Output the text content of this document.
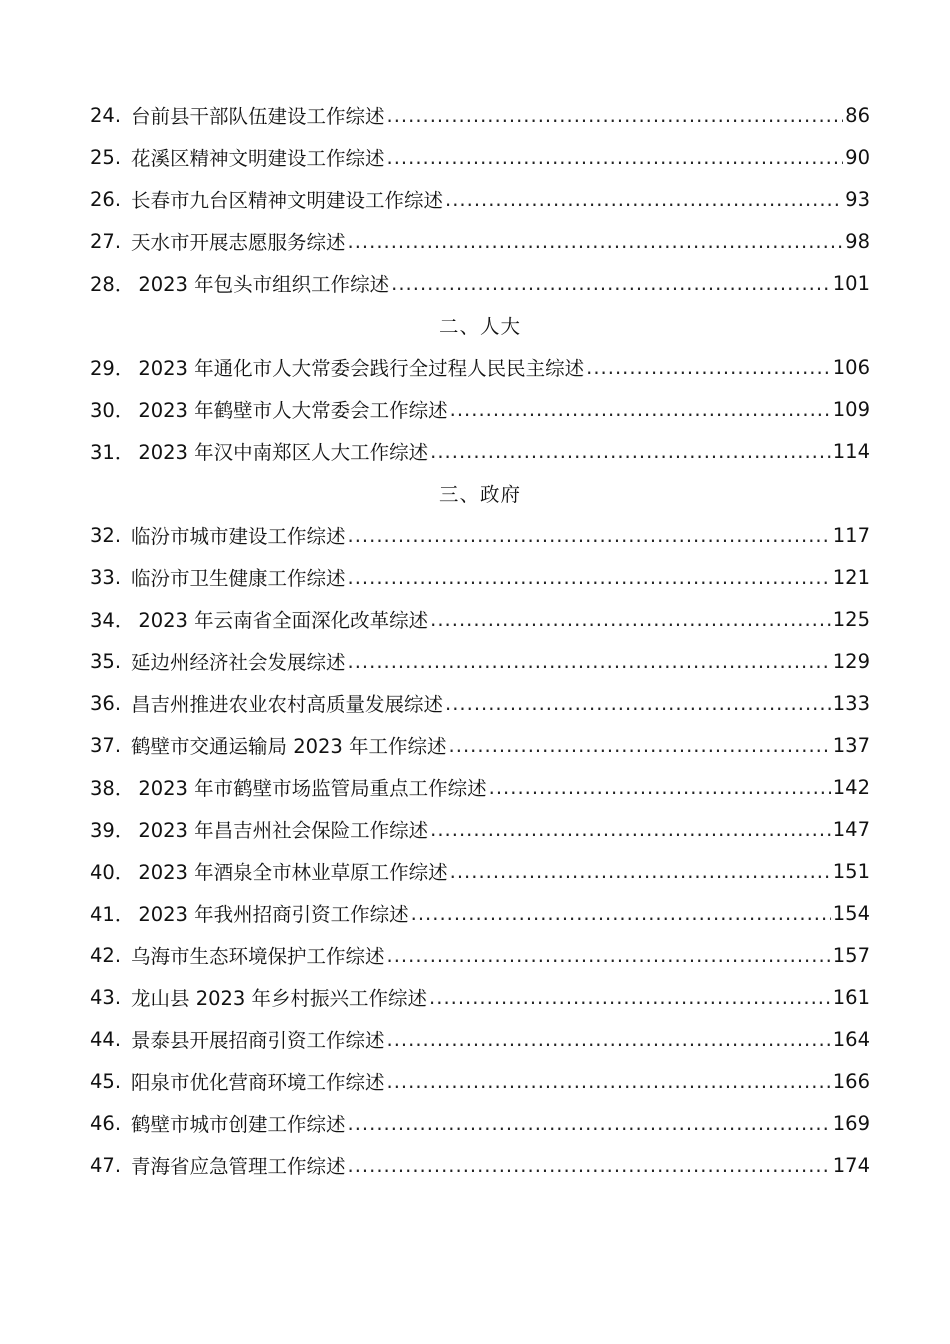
24. 台前县干部队伍建设工作综述 .....	86
25. 花溪区精神文明建设工作综述 .....	90
26. 长春市九台区精神文明建设工作综述 .....	93
27. 天水市开展志愿服务综述 .....	98
28． 2023 年包头市组织工作综述 .....	101
二、人大
29． 2023 年通化市人大常委会践行全过程人民民主综述 .....	106
30． 2023 年鹤壁市人大常委会工作综述 .....	109
31． 2023 年汉中南郑区人大工作综述 .....	114
三、政府
32. 临汾市城市建设工作综述 .....	117
33. 临汾市卫生健康工作综述 .....	121
34． 2023 年云南省全面深化改革综述 .....	125
35. 延边州经济社会发展综述 .....	129
36. 昌吉州推进农业农村高质量发展综述 .....	133
37. 鹤壁市交通运输局 2023 年工作综述 .....	137
38． 2023 年市鹤壁市场监管局重点工作综述 .....	142
39． 2023 年昌吉州社会保险工作综述 .....	147
40． 2023 年酒泉全市林业草原工作综述 .....	151
41． 2023 年我州招商引资工作综述 .....	154
42. 乌海市生态环境保护工作综述 .....	157
43. 龙山县 2023 年乡村振兴工作综述 .....	161
44. 景泰县开展招商引资工作综述 .....	164
45. 阳泉市优化营商环境工作综述 .....	166
46. 鹤壁市城市创建工作综述 .....	169
47. 青海省应急管理工作综述 .....	174
